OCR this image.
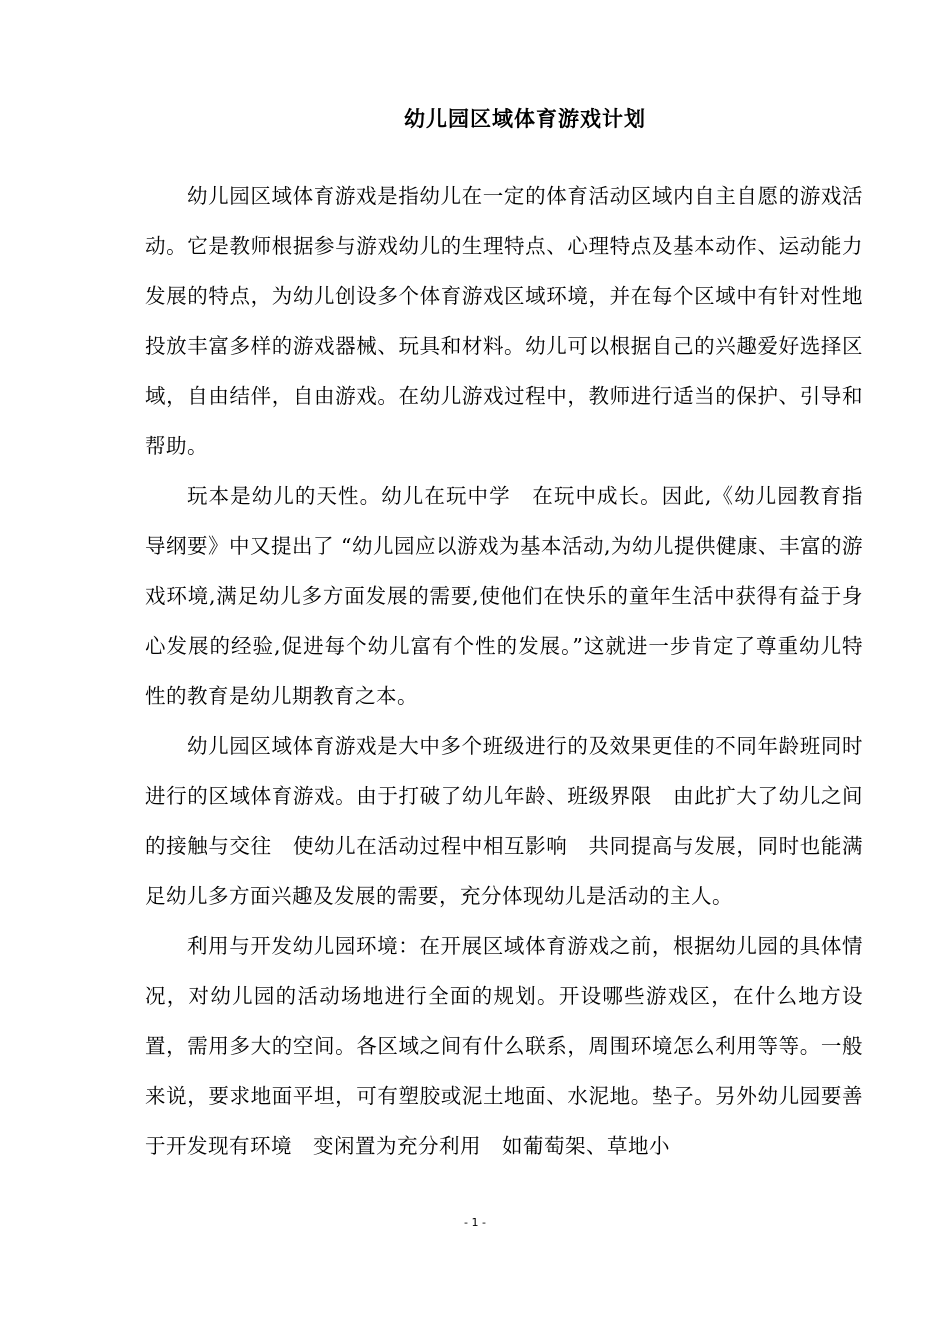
幼儿园区域体育游戏计划

幼儿园区域体育游戏是指幼儿在一定的体育活动区域内自主自愿的游戏活动。它是教师根据参与游戏幼儿的生理特点、心理特点及基本动作、运动能力发展的特点，为幼儿创设多个体育游戏区域环境，并在每个区域中有针对性地投放丰富多样的游戏器械、玩具和材料。幼儿可以根据自己的兴趣爱好选择区域，自由结伴，自由游戏。在幼儿游戏过程中，教师进行适当的保护、引导和帮助。

玩本是幼儿的天性。幼儿在玩中学　在玩中成长。因此,《幼儿园教育指导纲要》中又提出了 “幼儿园应以游戏为基本活动,为幼儿提供健康、丰富的游戏环境,满足幼儿多方面发展的需要,使他们在快乐的童年生活中获得有益于身心发展的经验,促进每个幼儿富有个性的发展。”这就进一步肯定了尊重幼儿特性的教育是幼儿期教育之本。

幼儿园区域体育游戏是大中多个班级进行的及效果更佳的不同年龄班同时进行的区域体育游戏。由于打破了幼儿年龄、班级界限　由此扩大了幼儿之间的接触与交往　使幼儿在活动过程中相互影响　共同提高与发展，同时也能满足幼儿多方面兴趣及发展的需要，充分体现幼儿是活动的主人。

利用与开发幼儿园环境：在开展区域体育游戏之前，根据幼儿园的具体情况，对幼儿园的活动场地进行全面的规划。开设哪些游戏区，在什么地方设置，需用多大的空间。各区域之间有什么联系，周围环境怎么利用等等。一般来说，要求地面平坦，可有塑胶或泥土地面、水泥地。垫子。另外幼儿园要善于开发现有环境　变闲置为充分利用　如葡萄架、草地小

- 1 -
